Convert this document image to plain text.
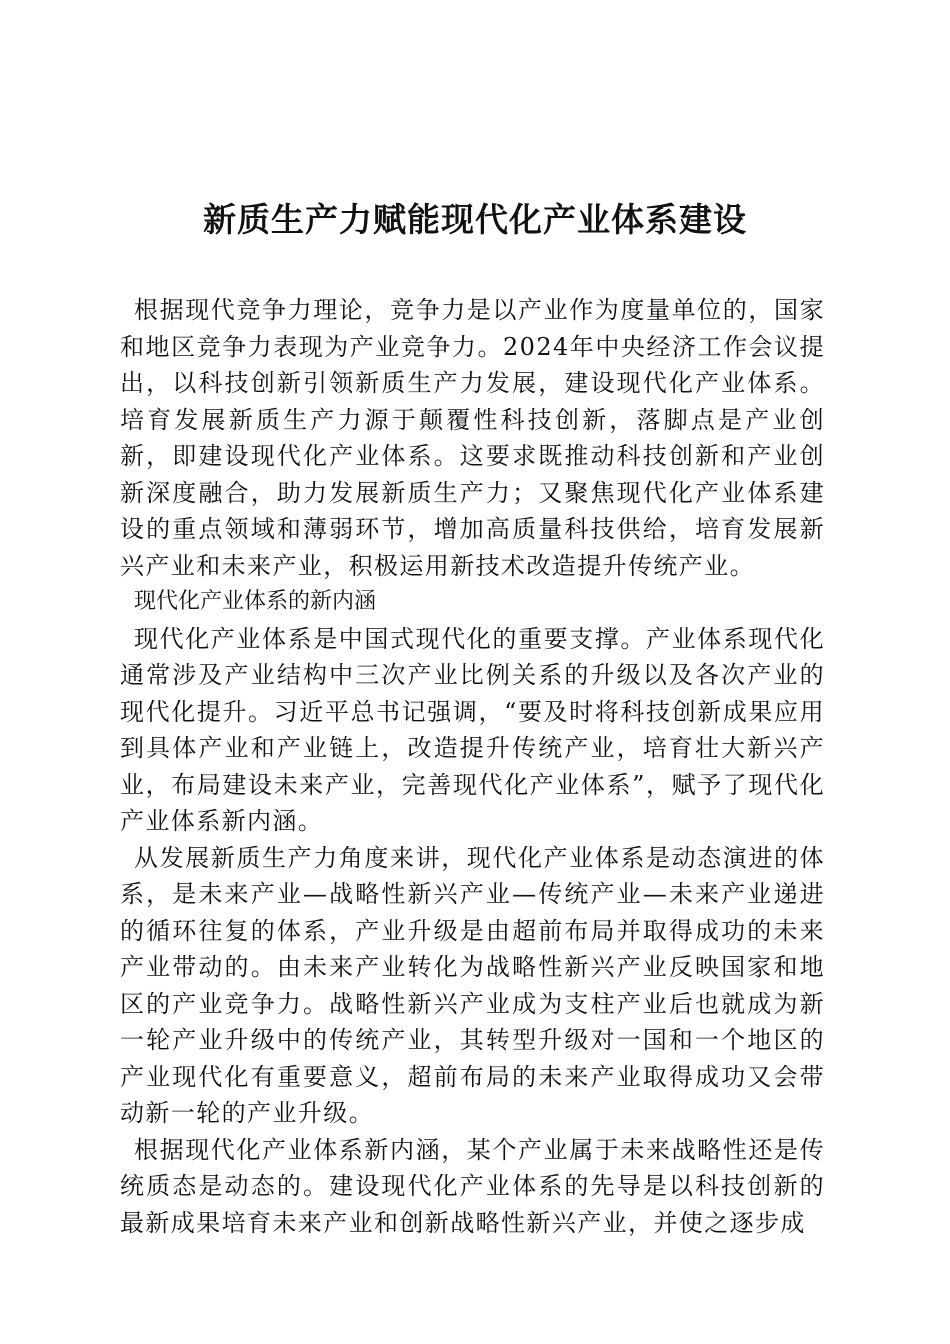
新质生产力赋能现代化产业体系建设

根据现代竞争力理论，竞争力是以产业作为度量单位的，国家和地区竞争力表现为产业竞争力。2024年中央经济工作会议提出，以科技创新引领新质生产力发展，建设现代化产业体系。培育发展新质生产力源于颠覆性科技创新，落脚点是产业创新，即建设现代化产业体系。这要求既推动科技创新和产业创新深度融合，助力发展新质生产力；又聚焦现代化产业体系建设的重点领域和薄弱环节，增加高质量科技供给，培育发展新兴产业和未来产业，积极运用新技术改造提升传统产业。

现代化产业体系的新内涵

现代化产业体系是中国式现代化的重要支撑。产业体系现代化通常涉及产业结构中三次产业比例关系的升级以及各次产业的现代化提升。习近平总书记强调，“要及时将科技创新成果应用到具体产业和产业链上，改造提升传统产业，培育壮大新兴产业，布局建设未来产业，完善现代化产业体系”，赋予了现代化产业体系新内涵。

从发展新质生产力角度来讲，现代化产业体系是动态演进的体系，是未来产业—战略性新兴产业—传统产业—未来产业递进的循环往复的体系，产业升级是由超前布局并取得成功的未来产业带动的。由未来产业转化为战略性新兴产业反映国家和地区的产业竞争力。战略性新兴产业成为支柱产业后也就成为新一轮产业升级中的传统产业，其转型升级对一国和一个地区的产业现代化有重要意义，超前布局的未来产业取得成功又会带动新一轮的产业升级。

根据现代化产业体系新内涵，某个产业属于未来战略性还是传统质态是动态的。建设现代化产业体系的先导是以科技创新的最新成果培育未来产业和创新战略性新兴产业，并使之逐步成
